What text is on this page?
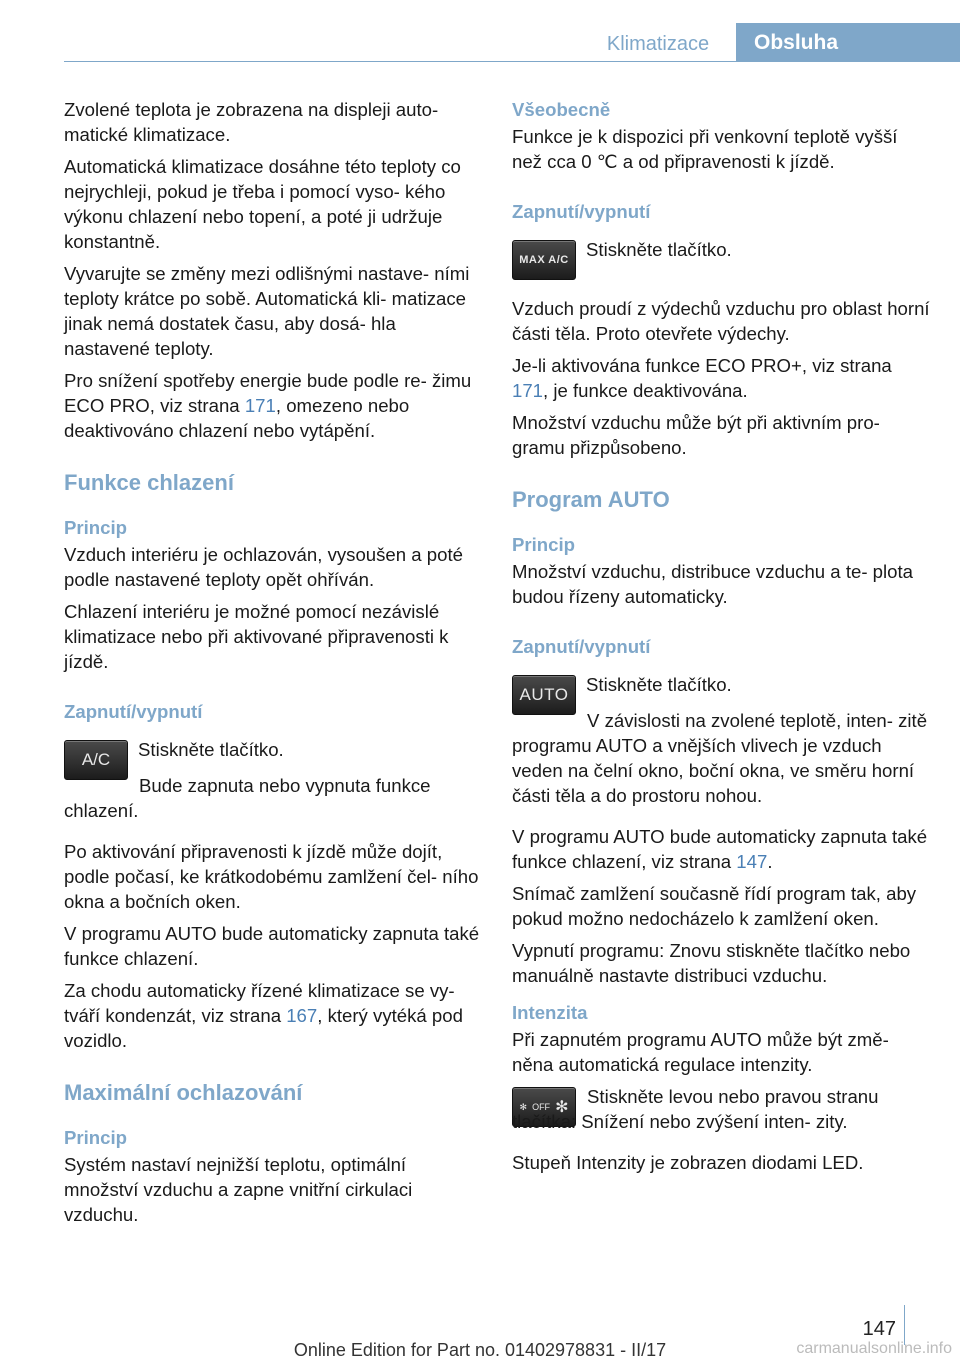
Klimatizace	Obsluha

Zvolené teplota je zobrazena na displeji auto‐ matické klimatizace.

Automatická klimatizace dosáhne této teploty co nejrychleji, pokud je třeba i pomocí vyso‐ kého výkonu chlazení nebo topení, a poté ji udržuje konstantně.

Vyvarujte se změny mezi odlišnými nastave‐ ními teploty krátce po sobě. Automatická kli‐ matizace jinak nemá dostatek času, aby dosá‐ hla nastavené teploty.

Pro snížení spotřeby energie bude podle re‐ žimu ECO PRO, viz strana 171, omezeno nebo deaktivováno chlazení nebo vytápění.

Funkce chlazení
Princip

Vzduch interiéru je ochlazován, vysoušen a poté podle nastavené teploty opět ohříván.

Chlazení interiéru je možné pomocí nezávislé klimatizace nebo při aktivované připravenosti k jízdě.

Zapnutí/vypnutí
A/C	Stiskněte tlačítko.

Bude zapnuta nebo vypnuta funkce chlazení.

Po aktivování připravenosti k jízdě může dojít, podle počasí, ke krátkodobému zamlžení čel‐ ního okna a bočních oken.

V programu AUTO bude automaticky zapnuta také funkce chlazení.

Za chodu automaticky řízené klimatizace se vy‐ tváří kondenzát, viz strana 167, který vytéká pod vozidlo.

Maximální ochlazování
Princip

Systém nastaví nejnižší teplotu, optimální množství vzduchu a zapne vnitřní cirkulaci vzduchu.

Všeobecně

Funkce je k dispozici při venkovní teplotě vyšší než cca 0 ℃ a od připravenosti k jízdě.

Zapnutí/vypnutí
MAX A/C Stiskněte tlačítko.

Vzduch proudí z výdechů vzduchu pro oblast horní části těla. Proto otevřete výdechy.

Je-li aktivována funkce ECO PRO+, viz strana 171, je funkce deaktivována.

Množství vzduchu může být při aktivním pro‐ gramu přizpůsobeno.

Program AUTO
Princip

Množství vzduchu, distribuce vzduchu a te‐ plota budou řízeny automaticky.

Zapnutí/vypnutí
AUTO Stiskněte tlačítko.

V závislosti na zvolené teplotě, inten‐ zitě programu AUTO a vnějších vlivech je vzduch veden na čelní okno, boční okna, ve směru horní části těla a do prostoru nohou.

V programu AUTO bude automaticky zapnuta také funkce chlazení, viz strana 147.

Snímač zamlžení současně řídí program tak, aby pokud možno nedocházelo k zamlžení oken.

Vypnutí programu: Znovu stiskněte tlačítko nebo manuálně nastavte distribuci vzduchu.

Intenzita

Při zapnutém programu AUTO může být změ‐ něna automatická regulace intenzity.

✻ OFF ✻

Stiskněte levou nebo pravou stranu tlačítka: Snížení nebo zvýšení inten‐ zity.

Stupeň Intenzity je zobrazen diodami LED.

147
Online Edition for Part no. 01402978831 - II/17	carmanualsonline.info
